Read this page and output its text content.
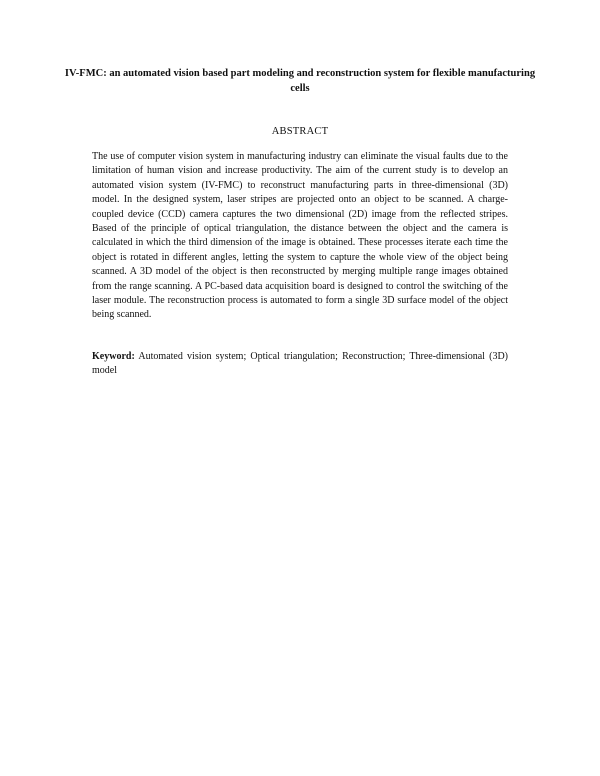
IV-FMC: an automated vision based part modeling and reconstruction system for flexible manufacturing cells
ABSTRACT

The use of computer vision system in manufacturing industry can eliminate the visual faults due to the limitation of human vision and increase productivity. The aim of the current study is to develop an automated vision system (IV-FMC) to reconstruct manufacturing parts in three-dimensional (3D) model. In the designed system, laser stripes are projected onto an object to be scanned. A charge-coupled device (CCD) camera captures the two dimensional (2D) image from the reflected stripes. Based of the principle of optical triangulation, the distance between the object and the camera is calculated in which the third dimension of the image is obtained. These processes iterate each time the object is rotated in different angles, letting the system to capture the whole view of the object being scanned. A 3D model of the object is then reconstructed by merging multiple range images obtained from the range scanning. A PC-based data acquisition board is designed to control the switching of the laser module. The reconstruction process is automated to form a single 3D surface model of the object being scanned.

Keyword: Automated vision system; Optical triangulation; Reconstruction; Three-dimensional (3D) model
